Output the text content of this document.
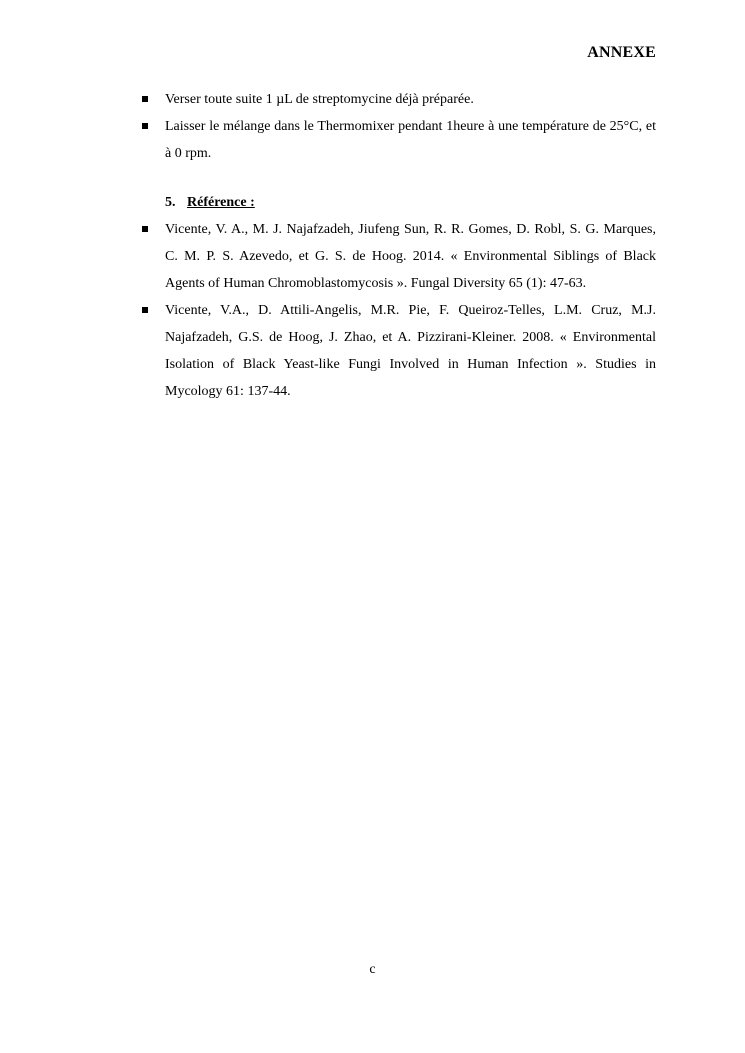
ANNEXE
Verser toute suite 1 µL de streptomycine déjà préparée.
Laisser le mélange dans le Thermomixer pendant 1heure à une température de 25°C, et à 0 rpm.
5. Référence :
Vicente, V. A., M. J. Najafzadeh, Jiufeng Sun, R. R. Gomes, D. Robl, S. G. Marques, C. M. P. S. Azevedo, et G. S. de Hoog. 2014. « Environmental Siblings of Black Agents of Human Chromoblastomycosis ». Fungal Diversity 65 (1): 47‑63.
Vicente, V.A., D. Attili-Angelis, M.R. Pie, F. Queiroz-Telles, L.M. Cruz, M.J. Najafzadeh, G.S. de Hoog, J. Zhao, et A. Pizzirani-Kleiner. 2008. « Environmental Isolation of Black Yeast-like Fungi Involved in Human Infection ». Studies in Mycology 61: 137‑44.
c
